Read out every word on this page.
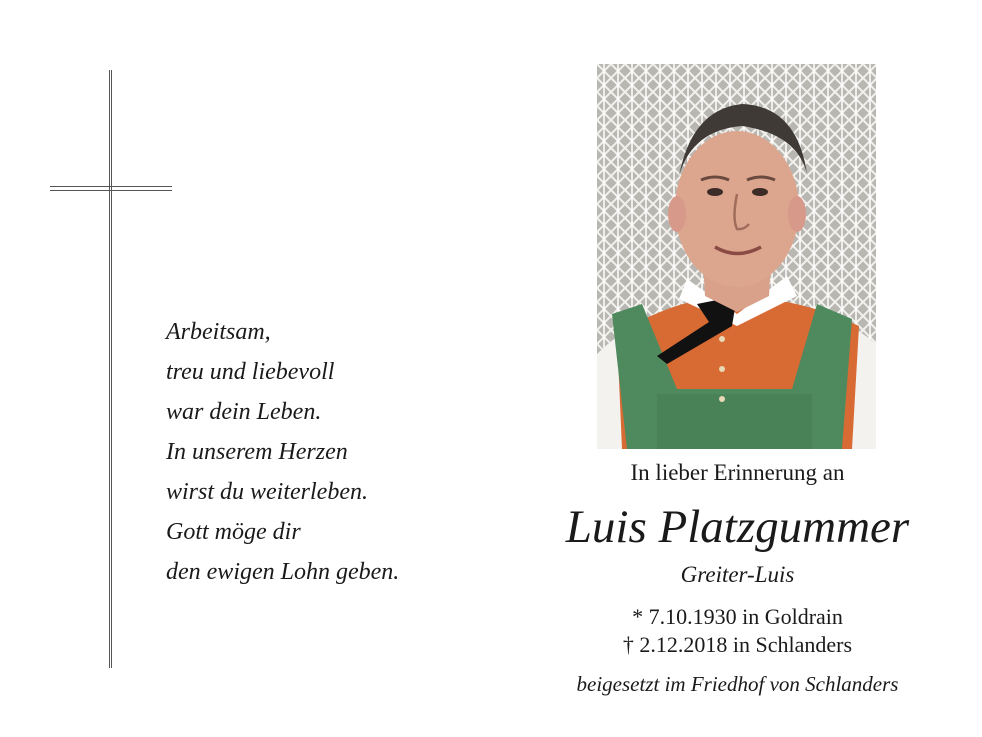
Arbeitsam,
treu und liebevoll
war dein Leben.
In unserem Herzen
wirst du weiterleben.
Gott möge dir
den ewigen Lohn geben.
In lieber Erinnerung an
Luis Platzgummer
Greiter-Luis
* 7.10.1930 in Goldrain
† 2.12.2018 in Schlanders
beigesetzt im Friedhof von Schlanders
